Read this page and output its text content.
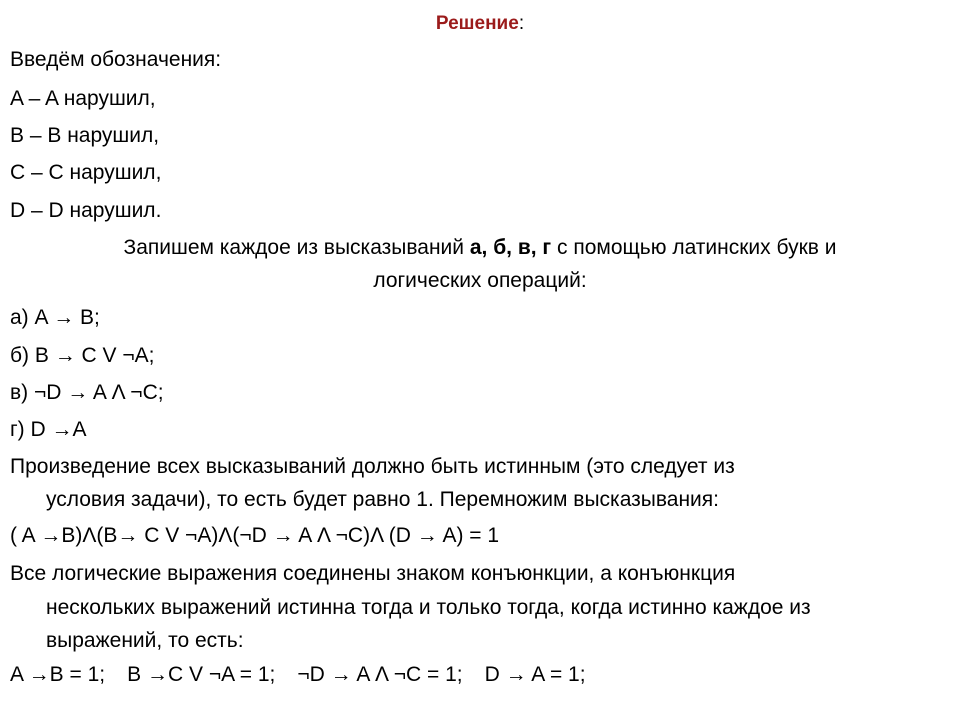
Решение:
Введём обозначения:
A – A нарушил,
B – B нарушил,
C – C нарушил,
D – D нарушил.
Запишем каждое из высказываний а, б, в, г с помощью латинских букв и
логических операций:
а) A → B;
б) B → C V ¬A;
в) ¬D → A Λ ¬C;
г) D →A
Произведение всех высказываний должно быть истинным (это следует из
условия задачи), то есть будет равно 1. Перемножим высказывания:
( A →B)Λ(B→ C V ¬A)Λ(¬D → A Λ ¬C)Λ (D → A) = 1
Все логические выражения соединены знаком конъюнкции, а конъюнкция
нескольких выражений истинна тогда и только тогда, когда истинно каждое из
выражений, то есть:
A →B = 1; B →C V ¬A = 1; ¬D → A Λ ¬C = 1; D → A = 1;
